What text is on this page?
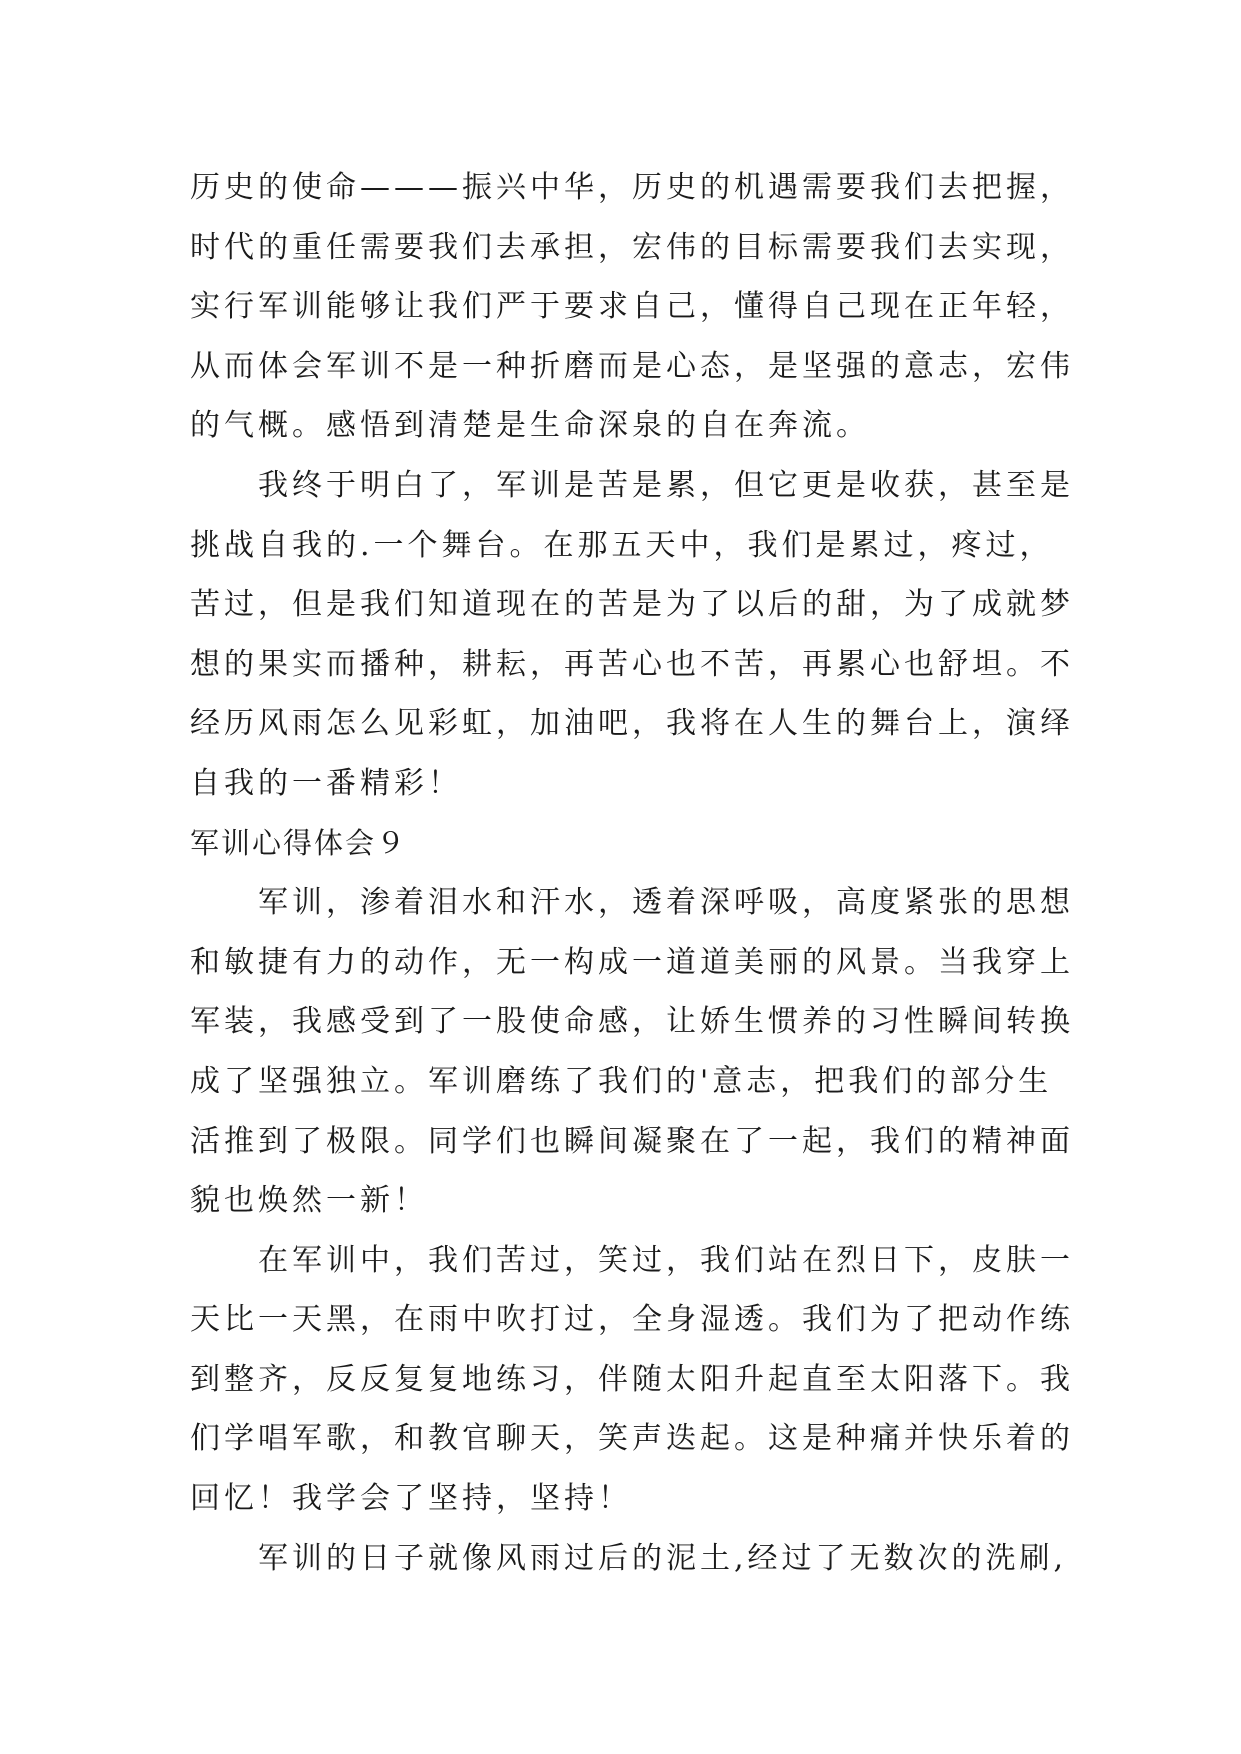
历史的使命———振兴中华，历史的机遇需要我们去把握，
时代的重任需要我们去承担，宏伟的目标需要我们去实现，
实行军训能够让我们严于要求自己，懂得自己现在正年轻，
从而体会军训不是一种折磨而是心态，是坚强的意志，宏伟
的气概。感悟到清楚是生命深泉的自在奔流。
　　我终于明白了，军训是苦是累，但它更是收获，甚至是
挑战自我的.一个舞台。在那五天中，我们是累过，疼过，
苦过，但是我们知道现在的苦是为了以后的甜，为了成就梦
想的果实而播种，耕耘，再苦心也不苦，再累心也舒坦。不
经历风雨怎么见彩虹，加油吧，我将在人生的舞台上，演绎
自我的一番精彩！
军训心得体会９
　　军训，渗着泪水和汗水，透着深呼吸，高度紧张的思想
和敏捷有力的动作，无一构成一道道美丽的风景。当我穿上
军装，我感受到了一股使命感，让娇生惯养的习性瞬间转换
成了坚强独立。军训磨练了我们的'意志，把我们的部分生
活推到了极限。同学们也瞬间凝聚在了一起，我们的精神面
貌也焕然一新！
　　在军训中，我们苦过，笑过，我们站在烈日下，皮肤一
天比一天黑，在雨中吹打过，全身湿透。我们为了把动作练
到整齐，反反复复地练习，伴随太阳升起直至太阳落下。我
们学唱军歌，和教官聊天，笑声迭起。这是种痛并快乐着的
回忆！我学会了坚持，坚持！
　　军训的日子就像风雨过后的泥土,经过了无数次的洗刷,
